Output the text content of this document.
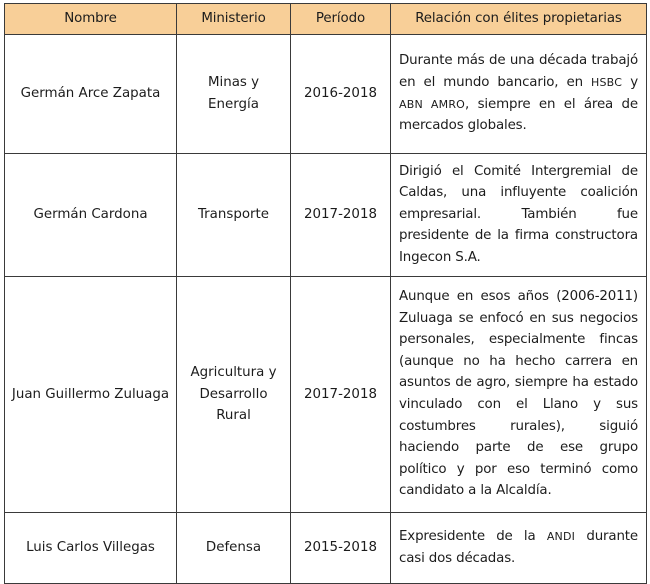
Nombre	Ministerio	Período	Relación con élites propietarias
Germán Arce Zapata	Minas y Energía	2016-2018	Durante más de una década trabajó en el mundo bancario, en HSBC y ABN AMRO, siempre en el área de mercados globales.
Germán Cardona	Transporte	2017-2018	Dirigió el Comité Intergremial de Caldas, una influyente coalición empresarial. También fue presidente de la firma constructora Ingecon S.A.
Juan Guillermo Zuluaga	Agricultura y Desarrollo Rural	2017-2018	Aunque en esos años (2006-2011) Zuluaga se enfocó en sus negocios personales, especialmente fincas (aunque no ha hecho carrera en asuntos de agro, siempre ha estado vinculado con el Llano y sus costumbres rurales), siguió haciendo parte de ese grupo político y por eso terminó como candidato a la Alcaldía.
Luis Carlos Villegas	Defensa	2015-2018	Expresidente de la ANDI durante casi dos décadas.
